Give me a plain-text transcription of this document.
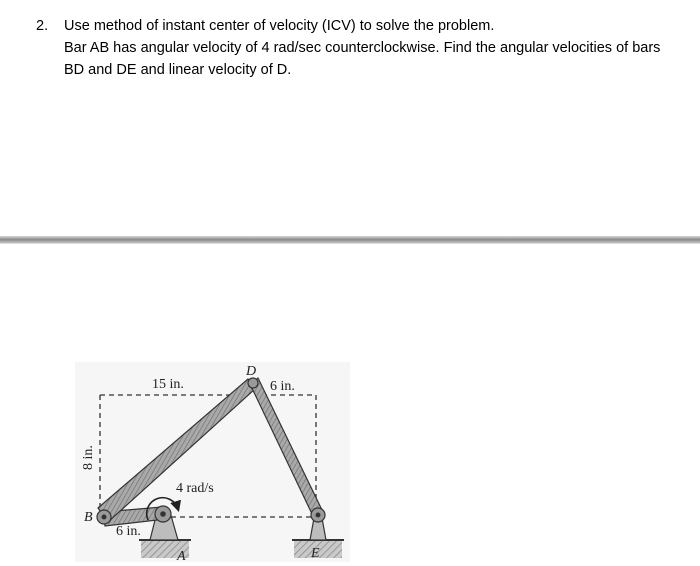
2. Use method of instant center of velocity (ICV) to solve the problem.
Bar AB has angular velocity of 4 rad/sec counterclockwise. Find the angular velocities of bars
BD and DE and linear velocity of D.
15 in.	6 in.
8 in.
6 in.
4 rad/s
A
B
D
E
